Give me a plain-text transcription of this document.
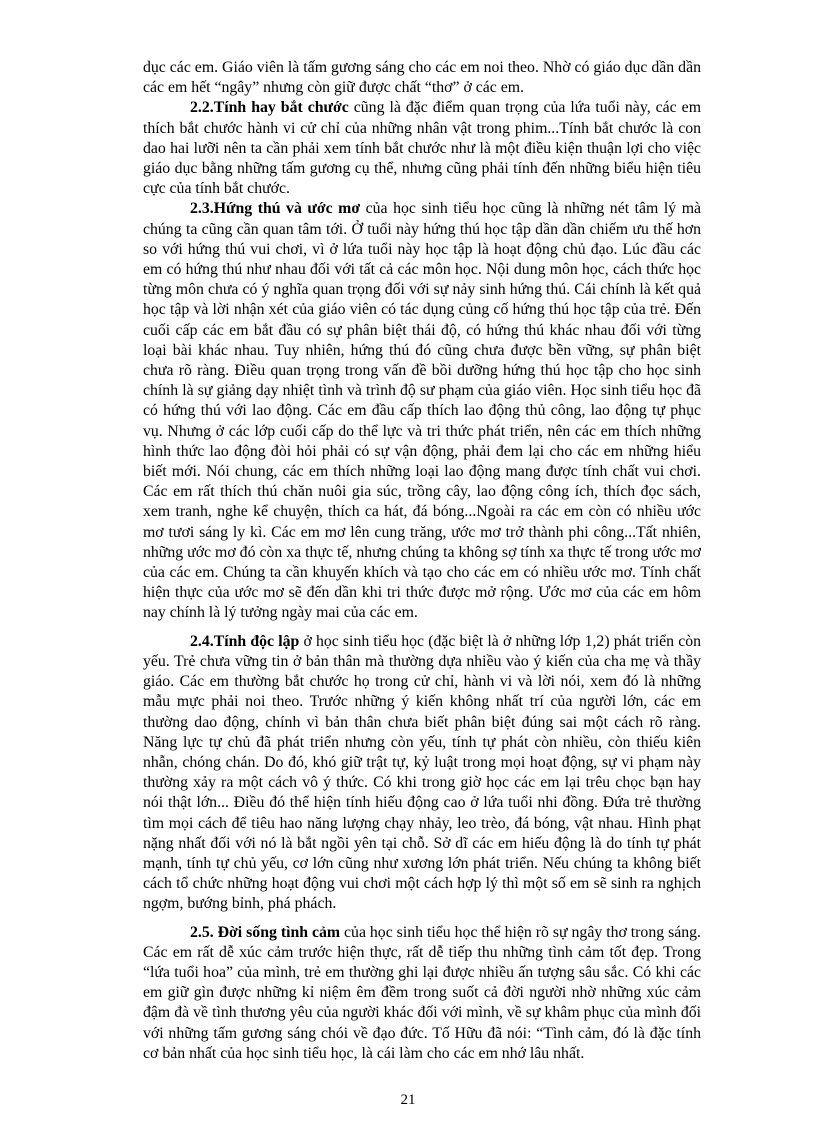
dục các em. Giáo viên là tấm gương sáng cho các em noi theo. Nhờ có giáo dục dần dần các em hết “ngây” nhưng còn giữ được chất “thơ” ở các em.

2.2.Tính hay bắt chước cũng là đặc điểm quan trọng của lứa tuổi này, các em thích bắt chước hành vi cử chỉ của những nhân vật trong phim...Tính bắt chước là con dao hai lưỡi nên ta cần phải xem tính bắt chước như là một điều kiện thuận lợi cho việc giáo dục bằng những tấm gương cụ thể, nhưng cũng phải tính đến những biểu hiện tiêu cực của tính bắt chước.

2.3.Hứng thú và ước mơ của học sinh tiểu học cũng là những nét tâm lý mà chúng ta cũng cần quan tâm tới. Ở tuổi này hứng thú học tập dần dần chiếm ưu thế hơn so với hứng thú vui chơi, vì ở lứa tuổi này học tập là hoạt động chủ đạo. Lúc đầu các em có hứng thú như nhau đối với tất cả các môn học. Nội dung môn học, cách thức học từng môn chưa có ý nghĩa quan trọng đối với sự nảy sinh hứng thú. Cái chính là kết quả học tập và lời nhận xét của giáo viên có tác dụng củng cố hứng thú học tập của trẻ. Đến cuối cấp các em bắt đầu có sự phân biệt thái độ, có hứng thú khác nhau đối với từng loại bài khác nhau. Tuy nhiên, hứng thú đó cũng chưa được bền vững, sự phân biệt chưa rõ ràng. Điều quan trọng trong vấn đề bồi dưỡng hứng thú học tập cho học sinh chính là sự giảng dạy nhiệt tình và trình độ sư phạm của giáo viên. Học sinh tiểu học đã có hứng thú với lao động. Các em đầu cấp thích lao động thủ công, lao động tự phục vụ. Nhưng ở các lớp cuối cấp do thể lực và tri thức phát triển, nên các em thích những hình thức lao động đòi hỏi phải có sự vận động, phải đem lại cho các em những hiểu biết mới. Nói chung, các em thích những loại lao động mang được tính chất vui chơi. Các em rất thích thú chăn nuôi gia súc, trồng cây, lao động công ích, thích đọc sách, xem tranh, nghe kể chuyện, thích ca hát, đá bóng...Ngoài ra các em còn có nhiều ước mơ tươi sáng ly kì. Các em mơ lên cung trăng, ước mơ trở thành phi công...Tất nhiên, những ước mơ đó còn xa thực tế, nhưng chúng ta không sợ tính xa thực tế trong ước mơ của các em. Chúng ta cần khuyến khích và tạo cho các em có nhiều ước mơ. Tính chất hiện thực của ước mơ sẽ đến dần khi tri thức được mở rộng. Ước mơ của các em hôm nay chính là lý tưởng ngày mai của các em.

2.4.Tính độc lập ở học sinh tiểu học (đặc biệt là ở những lớp 1,2) phát triển còn yếu. Trẻ chưa vững tin ở bản thân mà thường dựa nhiều vào ý kiến của cha mẹ và thầy giáo. Các em thường bắt chước họ trong cử chỉ, hành vi và lời nói, xem đó là những mẫu mực phải noi theo. Trước những ý kiến không nhất trí của người lớn, các em thường dao động, chính vì bản thân chưa biết phân biệt đúng sai một cách rõ ràng. Năng lực tự chủ đã phát triển nhưng còn yếu, tính tự phát còn nhiều, còn thiếu kiên nhẫn, chóng chán. Do đó, khó giữ trật tự, kỷ luật trong mọi hoạt động, sự vi phạm này thường xảy ra một cách vô ý thức. Có khi trong giờ học các em lại trêu chọc bạn hay nói thật lớn... Điều đó thể hiện tính hiếu động cao ở lứa tuổi nhi đồng. Đứa trẻ thường tìm mọi cách để tiêu hao năng lượng chạy nhảy, leo trèo, đá bóng, vật nhau. Hình phạt nặng nhất đối với nó là bắt ngồi yên tại chỗ. Sở dĩ các em hiếu động là do tính tự phát mạnh, tính tự chủ yếu, cơ lớn cũng như xương lớn phát triển. Nếu chúng ta không biết cách tổ chức những hoạt động vui chơi một cách hợp lý thì một số em sẽ sinh ra nghịch ngợm, bướng bỉnh, phá phách.

2.5. Đời sống tình cảm của học sinh tiểu học thể hiện rõ sự ngây thơ trong sáng. Các em rất dễ xúc cảm trước hiện thực, rất dễ tiếp thu những tình cảm tốt đẹp. Trong “lứa tuổi hoa” của mình, trẻ em thường ghi lại được nhiều ấn tượng sâu sắc. Có khi các em giữ gìn được những kỉ niệm êm đềm trong suốt cả đời người nhờ những xúc cảm đậm đà về tình thương yêu của người khác đối với mình, về sự khâm phục của mình đối với những tấm gương sáng chói về đạo đức. Tố Hữu đã nói: “Tình cảm, đó là đặc tính cơ bản nhất của học sinh tiểu học, là cái làm cho các em nhớ lâu nhất.

21
